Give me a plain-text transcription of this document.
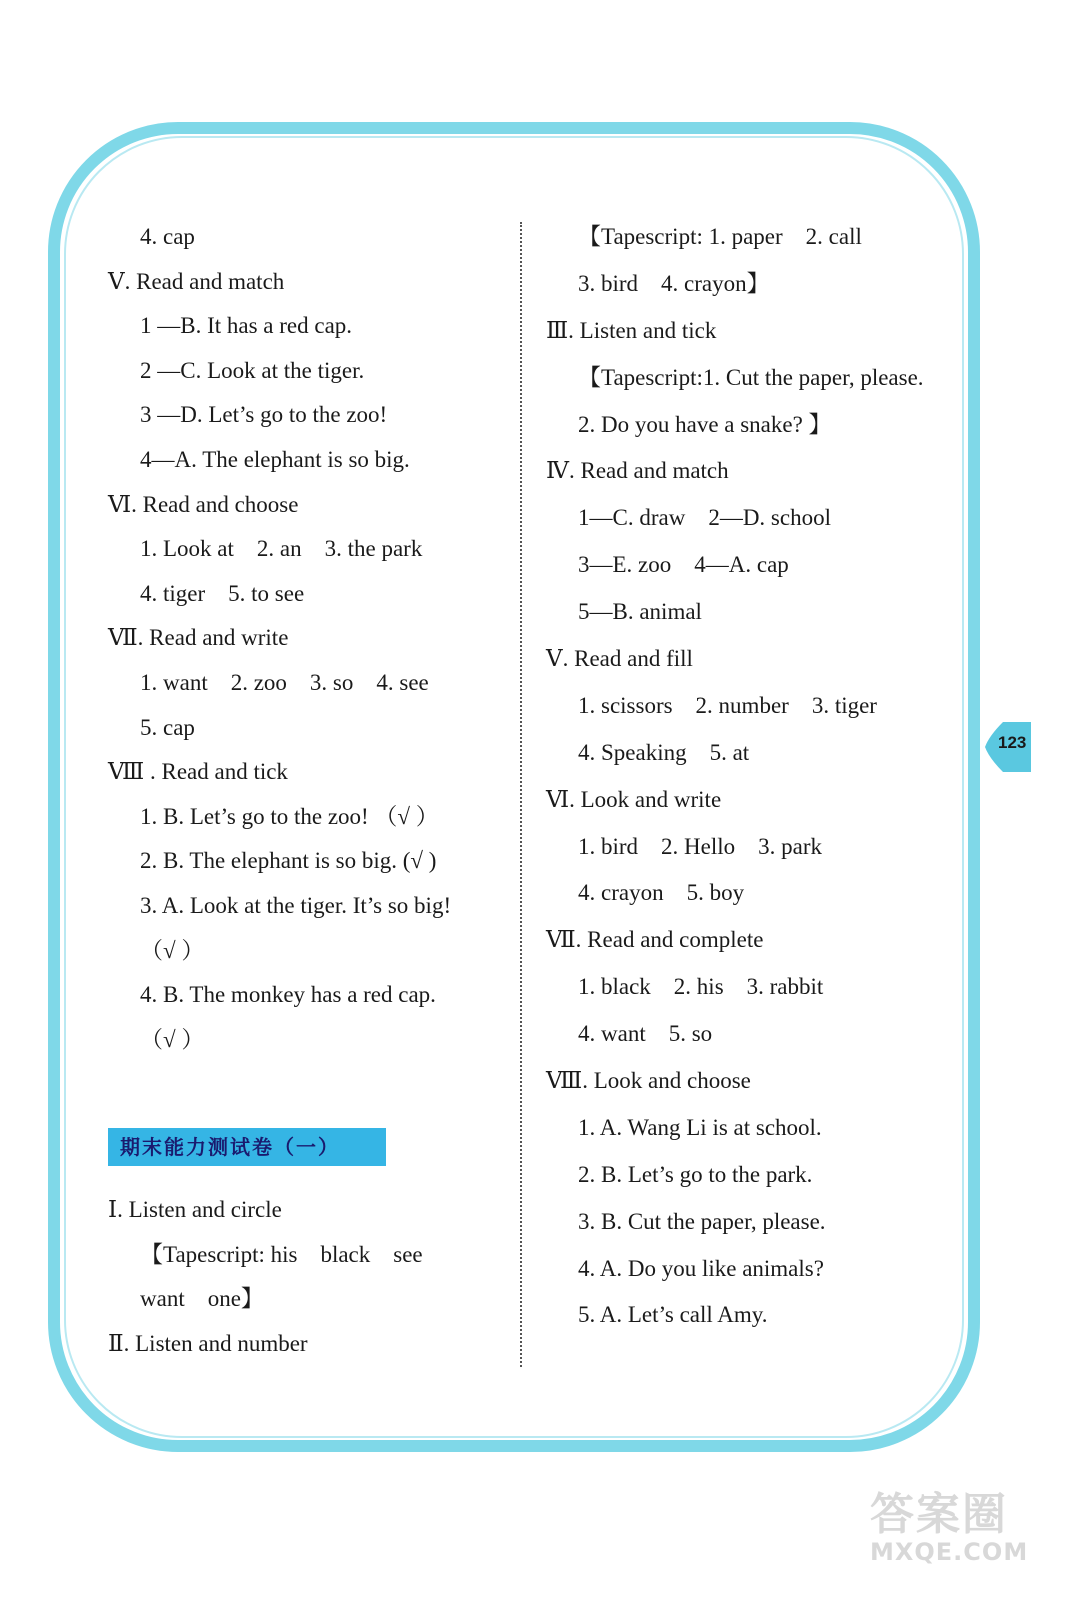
4. cap
Ⅴ. Read and match
1 —B. It has a red cap.
2 —C. Look at the tiger.
3 —D. Let’s go to the zoo!
4—A. The elephant is so big.
Ⅵ. Read and choose
1. Look at    2. an    3. the park
4. tiger    5. to see
Ⅶ. Read and write
1. want    2. zoo    3. so    4. see
5. cap
Ⅷ . Read and tick
1. B. Let’s go to the zoo! （√ ）
2. B. The elephant is so big. (√ )
3. A. Look at the tiger. It’s so big!
（√ ）
4. B. The monkey has a red cap.
（√ ）
期末能力测试卷（一）
Ⅰ. Listen and circle
【Tapescript: his    black    see
want    one】
Ⅱ. Listen and number
【Tapescript: 1. paper    2. call
3. bird    4. crayon】
Ⅲ. Listen and tick
【Tapescript:1. Cut the paper, please.
2. Do you have a snake? 】
Ⅳ. Read and match
1—C. draw    2—D. school
3—E. zoo    4—A. cap
5—B. animal
Ⅴ. Read and fill
1. scissors    2. number    3. tiger
4. Speaking    5. at
Ⅵ. Look and write
1. bird    2. Hello    3. park
4. crayon    5. boy
Ⅶ. Read and complete
1. black    2. his    3. rabbit
4. want    5. so
Ⅷ. Look and choose
1. A. Wang Li is at school.
2. B. Let’s go to the park.
3. B. Cut the paper, please.
4. A. Do you like animals?
5. A. Let’s call Amy.
123
答案圈
MXQE.COM
